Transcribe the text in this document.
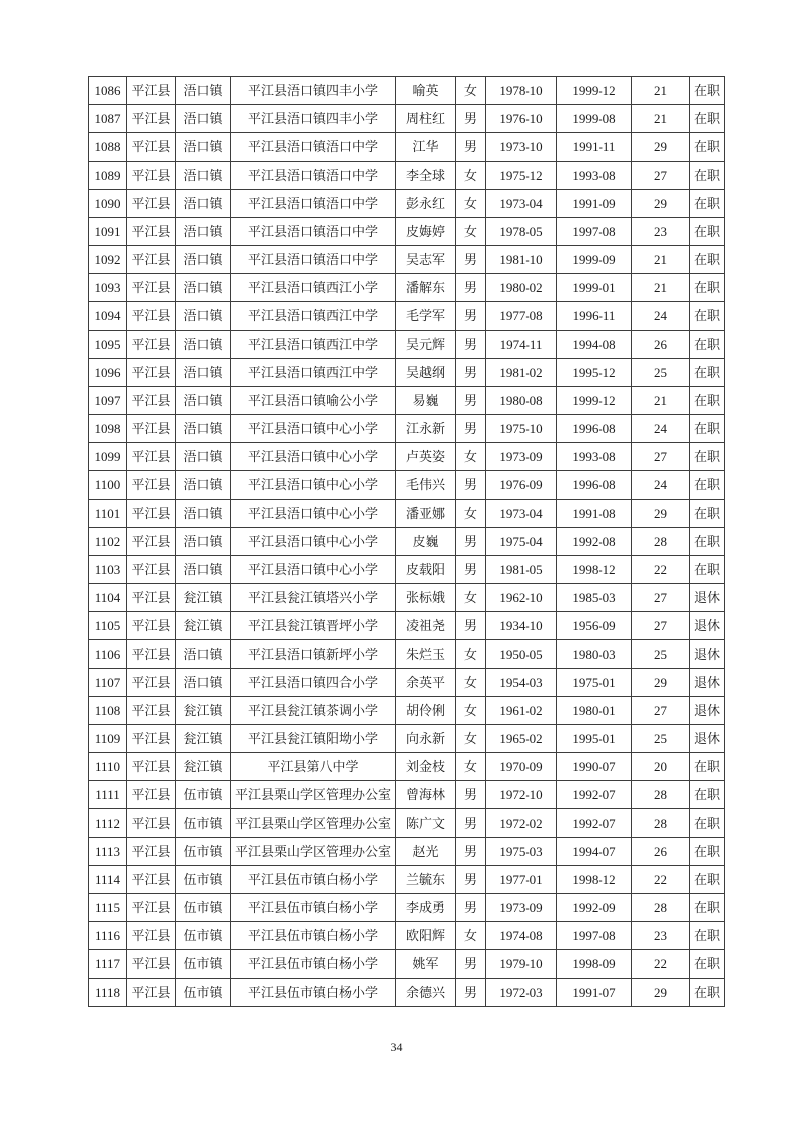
1086	平江县	浯口镇	平江县浯口镇四丰小学	喻英	女	1978-10	1999-12	21	在职
1087	平江县	浯口镇	平江县浯口镇四丰小学	周柱红	男	1976-10	1999-08	21	在职
1088	平江县	浯口镇	平江县浯口镇浯口中学	江华	男	1973-10	1991-11	29	在职
1089	平江县	浯口镇	平江县浯口镇浯口中学	李全球	女	1975-12	1993-08	27	在职
1090	平江县	浯口镇	平江县浯口镇浯口中学	彭永红	女	1973-04	1991-09	29	在职
1091	平江县	浯口镇	平江县浯口镇浯口中学	皮娒婷	女	1978-05	1997-08	23	在职
1092	平江县	浯口镇	平江县浯口镇浯口中学	吴志军	男	1981-10	1999-09	21	在职
1093	平江县	浯口镇	平江县浯口镇西江小学	潘解东	男	1980-02	1999-01	21	在职
1094	平江县	浯口镇	平江县浯口镇西江中学	毛学军	男	1977-08	1996-11	24	在职
1095	平江县	浯口镇	平江县浯口镇西江中学	吴元辉	男	1974-11	1994-08	26	在职
1096	平江县	浯口镇	平江县浯口镇西江中学	吴越纲	男	1981-02	1995-12	25	在职
1097	平江县	浯口镇	平江县浯口镇喻公小学	易巍	男	1980-08	1999-12	21	在职
1098	平江县	浯口镇	平江县浯口镇中心小学	江永新	男	1975-10	1996-08	24	在职
1099	平江县	浯口镇	平江县浯口镇中心小学	卢英姿	女	1973-09	1993-08	27	在职
1100	平江县	浯口镇	平江县浯口镇中心小学	毛伟兴	男	1976-09	1996-08	24	在职
1101	平江县	浯口镇	平江县浯口镇中心小学	潘亚娜	女	1973-04	1991-08	29	在职
1102	平江县	浯口镇	平江县浯口镇中心小学	皮巍	男	1975-04	1992-08	28	在职
1103	平江县	浯口镇	平江县浯口镇中心小学	皮载阳	男	1981-05	1998-12	22	在职
1104	平江县	瓮江镇	平江县瓮江镇塔兴小学	张标娥	女	1962-10	1985-03	27	退休
1105	平江县	瓮江镇	平江县瓮江镇晋坪小学	凌祖尧	男	1934-10	1956-09	27	退休
1106	平江县	浯口镇	平江县浯口镇新坪小学	朱烂玉	女	1950-05	1980-03	25	退休
1107	平江县	浯口镇	平江县浯口镇四合小学	余英平	女	1954-03	1975-01	29	退休
1108	平江县	瓮江镇	平江县瓮江镇茶调小学	胡伶俐	女	1961-02	1980-01	27	退休
1109	平江县	瓮江镇	平江县瓮江镇阳坳小学	向永新	女	1965-02	1995-01	25	退休
1110	平江县	瓮江镇	平江县第八中学	刘金枝	女	1970-09	1990-07	20	在职
1111	平江县	伍市镇	平江县栗山学区管理办公室	曾海林	男	1972-10	1992-07	28	在职
1112	平江县	伍市镇	平江县栗山学区管理办公室	陈广文	男	1972-02	1992-07	28	在职
1113	平江县	伍市镇	平江县栗山学区管理办公室	赵光	男	1975-03	1994-07	26	在职
1114	平江县	伍市镇	平江县伍市镇白杨小学	兰毓东	男	1977-01	1998-12	22	在职
1115	平江县	伍市镇	平江县伍市镇白杨小学	李成勇	男	1973-09	1992-09	28	在职
1116	平江县	伍市镇	平江县伍市镇白杨小学	欧阳辉	女	1974-08	1997-08	23	在职
1117	平江县	伍市镇	平江县伍市镇白杨小学	姚军	男	1979-10	1998-09	22	在职
1118	平江县	伍市镇	平江县伍市镇白杨小学	余德兴	男	1972-03	1991-07	29	在职
34
